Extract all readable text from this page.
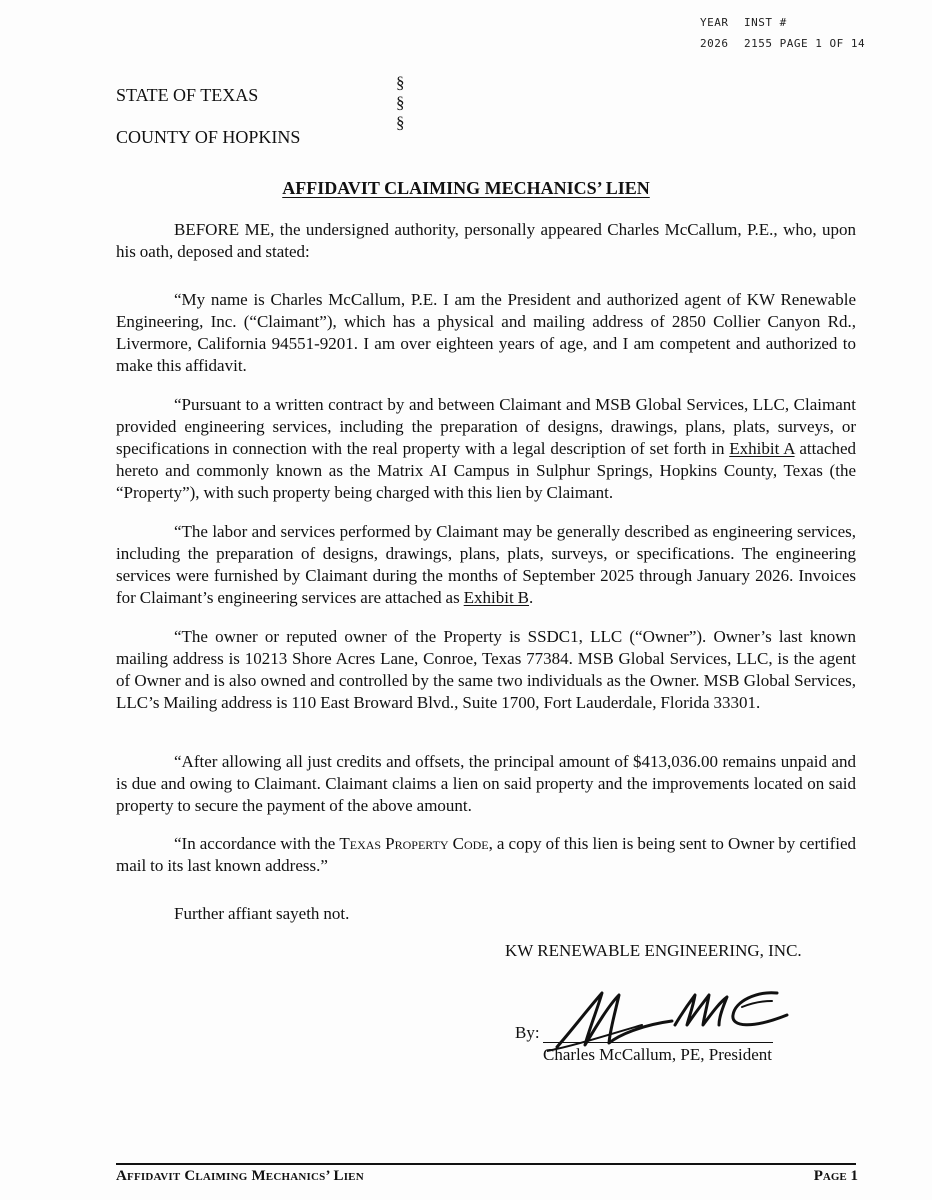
YEAR INST #
2026 2155 PAGE 1 OF 14
STATE OF TEXAS
COUNTY OF HOPKINS
§
§
§
AFFIDAVIT CLAIMING MECHANICS’ LIEN

BEFORE ME, the undersigned authority, personally appeared Charles McCallum, P.E., who, upon his oath, deposed and stated:

“My name is Charles McCallum, P.E. I am the President and authorized agent of KW Renewable Engineering, Inc. (“Claimant”), which has a physical and mailing address of 2850 Collier Canyon Rd., Livermore, California 94551-9201. I am over eighteen years of age, and I am competent and authorized to make this affidavit.

“Pursuant to a written contract by and between Claimant and MSB Global Services, LLC, Claimant provided engineering services, including the preparation of designs, drawings, plans, plats, surveys, or specifications in connection with the real property with a legal description of set forth in Exhibit A attached hereto and commonly known as the Matrix AI Campus in Sulphur Springs, Hopkins County, Texas (the “Property”), with such property being charged with this lien by Claimant.

“The labor and services performed by Claimant may be generally described as engineering services, including the preparation of designs, drawings, plans, plats, surveys, or specifications. The engineering services were furnished by Claimant during the months of September 2025 through January 2026. Invoices for Claimant’s engineering services are attached as Exhibit B.

“The owner or reputed owner of the Property is SSDC1, LLC (“Owner”). Owner’s last known mailing address is 10213 Shore Acres Lane, Conroe, Texas 77384. MSB Global Services, LLC, is the agent of Owner and is also owned and controlled by the same two individuals as the Owner. MSB Global Services, LLC’s Mailing address is 110 East Broward Blvd., Suite 1700, Fort Lauderdale, Florida 33301.

“After allowing all just credits and offsets, the principal amount of $413,036.00 remains unpaid and is due and owing to Claimant. Claimant claims a lien on said property and the improvements located on said property to secure the payment of the above amount.

“In accordance with the Texas Property Code, a copy of this lien is being sent to Owner by certified mail to its last known address.”

Further affiant sayeth not.

KW RENEWABLE ENGINEERING, INC.
By:
Charles McCallum, PE, President
Affidavit Claiming Mechanics’ Lien	Page 1
